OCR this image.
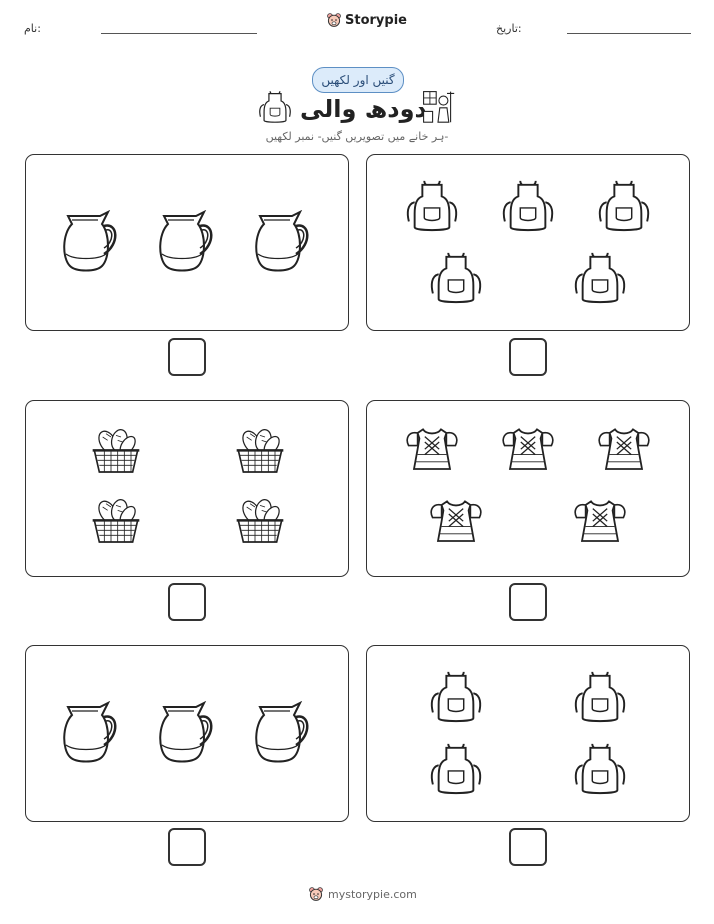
نام:
Storypie
تاریخ:
گنیں اور لکھیں
دودھ والی
ہر خانے میں تصویریں گنیں- نمبر لکھیں-
mystorypie.com
